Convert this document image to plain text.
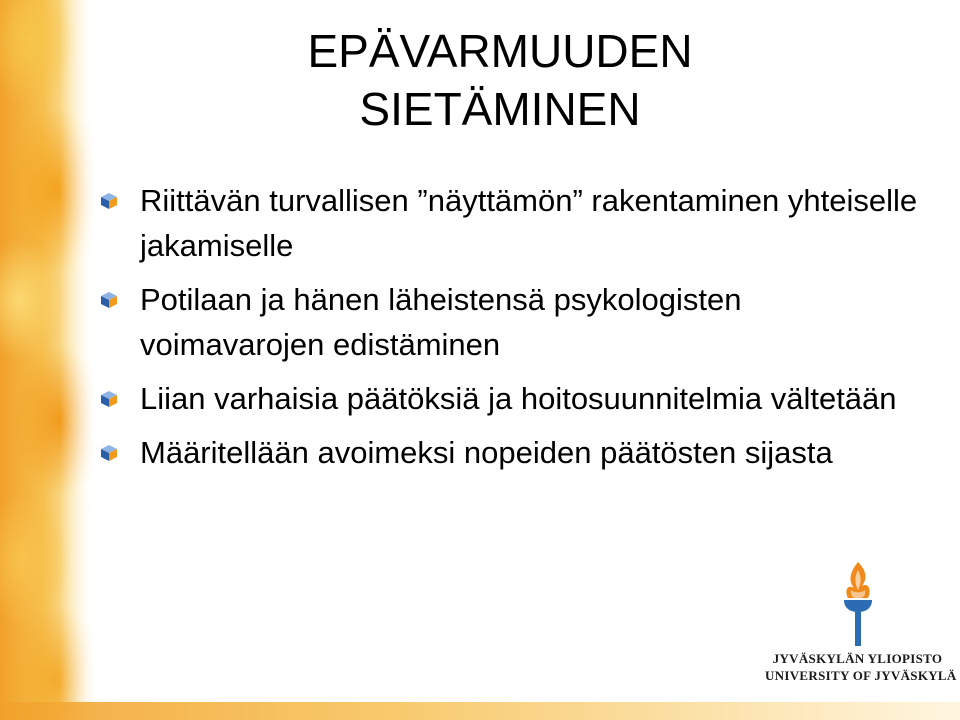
EPÄVARMUUDEN
SIETÄMINEN
Riittävän turvallisen ”näyttämön” rakentaminen yhteiselle jakamiselle
Potilaan ja hänen läheistensä psykologisten voimavarojen edistäminen
Liian varhaisia päätöksiä ja hoitosuunnitelmia vältetään
Määritellään avoimeksi nopeiden päätösten sijasta
JYVÄSKYLÄN YLIOPISTO
UNIVERSITY OF JYVÄSKYLÄ
